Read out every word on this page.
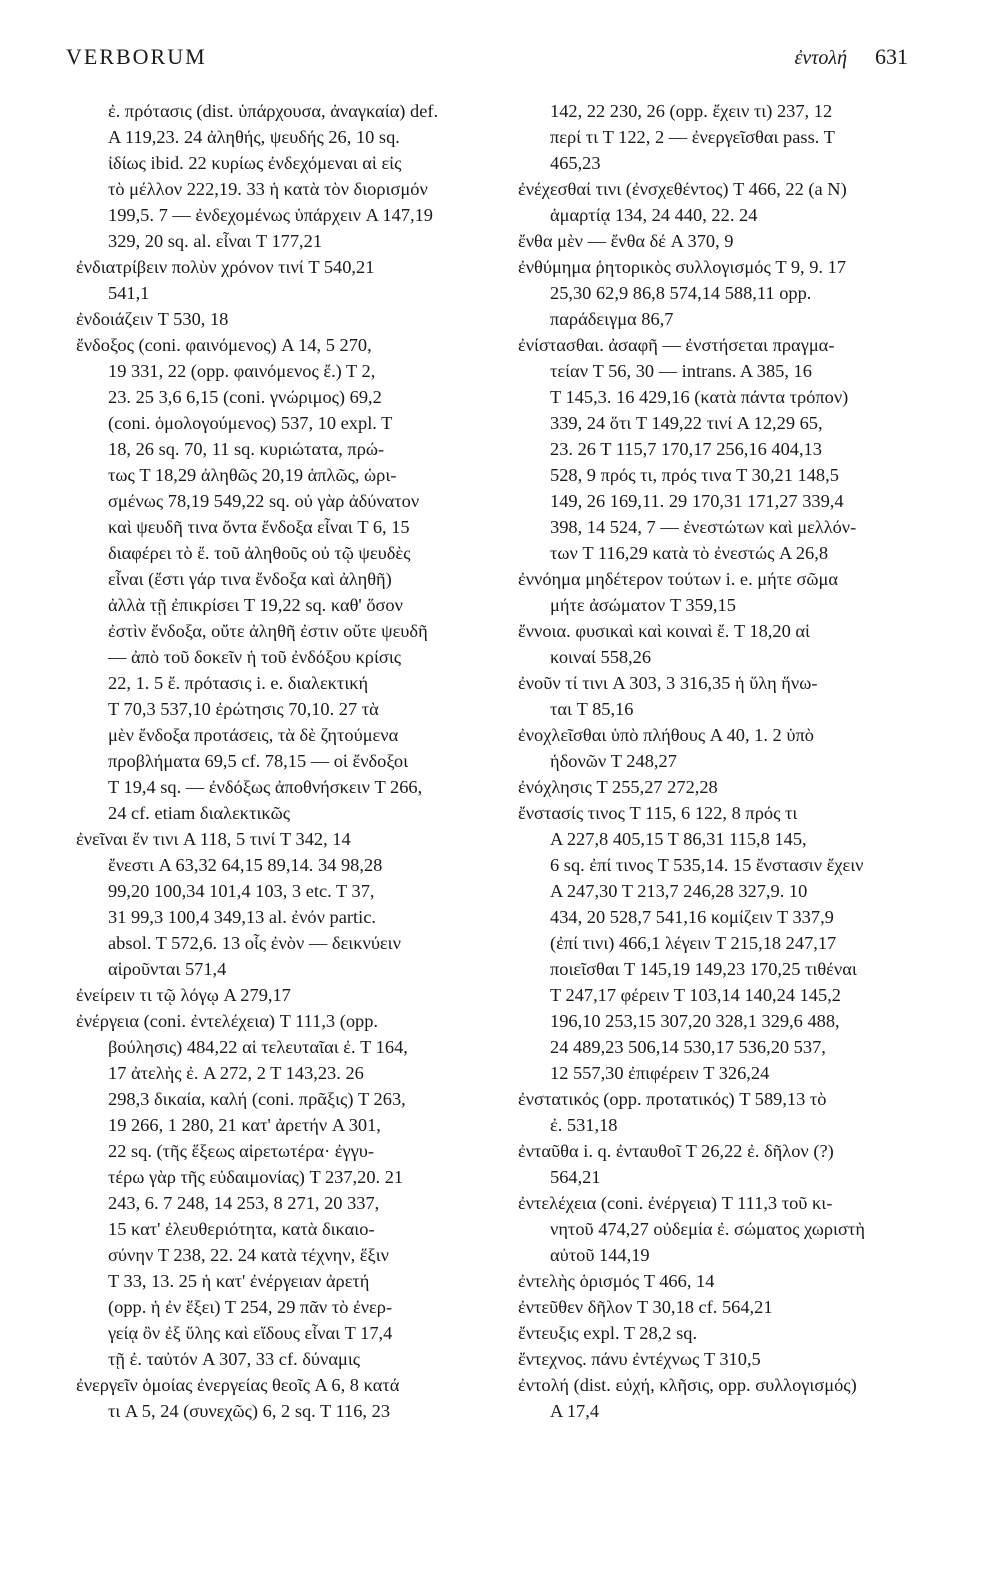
VERBORUM	ἐντολή 631
ἐ. πρότασις (dist. ὑπάρχουσα, ἀναγκαία) def.
A 119,23. 24 ἀληθής, ψευδής 26, 10 sq.
ἰδίως ibid. 22 κυρίως ἐνδεχόμεναι αἱ εἰς
τὸ μέλλον 222,19. 33 ἡ κατὰ τὸν διορισμόν
199,5. 7 — ἐνδεχομένως ὑπάρχειν A 147,19
329, 20 sq. al. εἶναι T 177,21
ἐνδιατρίβειν πολὺν χρόνον τινί T 540,21
541,1
ἐνδοιάζειν T 530, 18
ἔνδοξος (coni. φαινόμενος) A 14, 5 270,
19 331, 22 (opp. φαινόμενος ἔ.) T 2,
23. 25 3,6 6,15 (coni. γνώριμος) 69,2
(coni. ὁμολογούμενος) 537, 10 expl. T
18, 26 sq. 70, 11 sq. κυριώτατα, πρώ-
τως T 18,29 ἀληθῶς 20,19 ἁπλῶς, ὡρι-
σμένως 78,19 549,22 sq. οὐ γὰρ ἀδύνατον
καὶ ψευδῆ τινα ὄντα ἔνδοξα εἶναι T 6, 15
διαφέρει τὸ ἔ. τοῦ ἀληθοῦς οὐ τῷ ψευδὲς
εἶναι (ἔστι γάρ τινα ἔνδοξα καὶ ἀληθῆ)
ἀλλὰ τῇ ἐπικρίσει T 19,22 sq. καθ' ὅσον
ἐστὶν ἔνδοξα, οὔτε ἀληθῆ ἐστιν οὔτε ψευδῆ
— ἀπὸ τοῦ δοκεῖν ἡ τοῦ ἐνδόξου κρίσις
22, 1. 5 ἔ. πρότασις i. e. διαλεκτική
T 70,3 537,10 ἐρώτησις 70,10. 27 τὰ
μὲν ἔνδοξα προτάσεις, τὰ δὲ ζητούμενα
προβλήματα 69,5 cf. 78,15 — οἱ ἔνδοξοι
T 19,4 sq. — ἐνδόξως ἀποθνήσκειν T 266,
24 cf. etiam διαλεκτικῶς
ἐνεῖναι ἔν τινι A 118, 5 τινί T 342, 14
ἔνεστι A 63,32 64,15 89,14. 34 98,28
99,20 100,34 101,4 103, 3 etc. T 37,
31 99,3 100,4 349,13 al. ἐνόν partic.
absol. T 572,6. 13 οἷς ἐνὸν — δεικνύειν
αἱροῦνται 571,4
ἐνείρειν τι τῷ λόγῳ A 279,17
ἐνέργεια (coni. ἐντελέχεια) T 111,3 (opp.
βούλησις) 484,22 αἱ τελευταῖαι ἐ. T 164,
17 ἀτελὴς ἐ. A 272, 2 T 143,23. 26
298,3 δικαία, καλή (coni. πρᾶξις) T 263,
19 266, 1 280, 21 κατ' ἀρετήν A 301,
22 sq. (τῆς ἕξεως αἱρετωτέρα· ἐγγυ-
τέρω γὰρ τῆς εὐδαιμονίας) T 237,20. 21
243, 6. 7 248, 14 253, 8 271, 20 337,
15 κατ' ἐλευθεριότητα, κατὰ δικαιο-
σύνην T 238, 22. 24 κατὰ τέχνην, ἕξιν
T 33, 13. 25 ἡ κατ' ἐνέργειαν ἀρετή
(opp. ἡ ἐν ἕξει) T 254, 29 πᾶν τὸ ἐνερ-
γείᾳ ὂν ἐξ ὕλης καὶ εἴδους εἶναι T 17,4
τῇ ἐ. ταὐτόν A 307, 33 cf. δύναμις
ἐνεργεῖν ὁμοίας ἐνεργείας θεοῖς A 6, 8 κατά
τι A 5, 24 (συνεχῶς) 6, 2 sq. T 116, 23
142, 22 230, 26 (opp. ἔχειν τι) 237, 12
περί τι T 122, 2 — ἐνεργεῖσθαι pass. T
465,23
ἐνέχεσθαί τινι (ἐνσχεθέντος) T 466, 22 (a N)
ἁμαρτίᾳ 134, 24 440, 22. 24
ἔνθα μὲν — ἔνθα δέ A 370, 9
ἐνθύμημα ῥητορικὸς συλλογισμός T 9, 9. 17
25,30 62,9 86,8 574,14 588,11 opp.
παράδειγμα 86,7
ἐνίστασθαι. ἀσαφῆ — ἐνστήσεται πραγμα-
τείαν T 56, 30 — intrans. A 385, 16
T 145,3. 16 429,16 (κατὰ πάντα τρόπον)
339, 24 ὅτι T 149,22 τινί A 12,29 65,
23. 26 T 115,7 170,17 256,16 404,13
528, 9 πρός τι, πρός τινα T 30,21 148,5
149, 26 169,11. 29 170,31 171,27 339,4
398, 14 524, 7 — ἐνεστώτων καὶ μελλόν-
των T 116,29 κατὰ τὸ ἐνεστώς A 26,8
ἐννόημα μηδέτερον τούτων i. e. μήτε σῶμα
μήτε ἀσώματον T 359,15
ἔννοια. φυσικαὶ καὶ κοιναὶ ἔ. T 18,20 αἱ
κοιναί 558,26
ἐνοῦν τί τινι A 303, 3 316,35 ἡ ὕλη ἥνω-
ται T 85,16
ἐνοχλεῖσθαι ὑπὸ πλήθους A 40, 1. 2 ὑπὸ
ἡδονῶν T 248,27
ἐνόχλησις T 255,27 272,28
ἔνστασίς τινος T 115, 6 122, 8 πρός τι
A 227,8 405,15 T 86,31 115,8 145,
6 sq. ἐπί τινος T 535,14. 15 ἔνστασιν ἔχειν
A 247,30 T 213,7 246,28 327,9. 10
434, 20 528,7 541,16 κομίζειν T 337,9
(ἐπί τινι) 466,1 λέγειν T 215,18 247,17
ποιεῖσθαι T 145,19 149,23 170,25 τιθέναι
T 247,17 φέρειν T 103,14 140,24 145,2
196,10 253,15 307,20 328,1 329,6 488,
24 489,23 506,14 530,17 536,20 537,
12 557,30 ἐπιφέρειν T 326,24
ἐνστατικός (opp. προτατικός) T 589,13 τὸ
ἐ. 531,18
ἐνταῦθα i. q. ἐνταυθοῖ T 26,22 ἐ. δῆλον (?)
564,21
ἐντελέχεια (coni. ἐνέργεια) T 111,3 τοῦ κι-
νητοῦ 474,27 οὐδεμία ἐ. σώματος χωριστὴ
αὐτοῦ 144,19
ἐντελὴς ὁρισμός T 466, 14
ἐντεῦθεν δῆλον T 30,18 cf. 564,21
ἔντευξις expl. T 28,2 sq.
ἔντεχνος. πάνυ ἐντέχνως T 310,5
ἐντολή (dist. εὐχή, κλῆσις, opp. συλλογισμός)
A 17,4
